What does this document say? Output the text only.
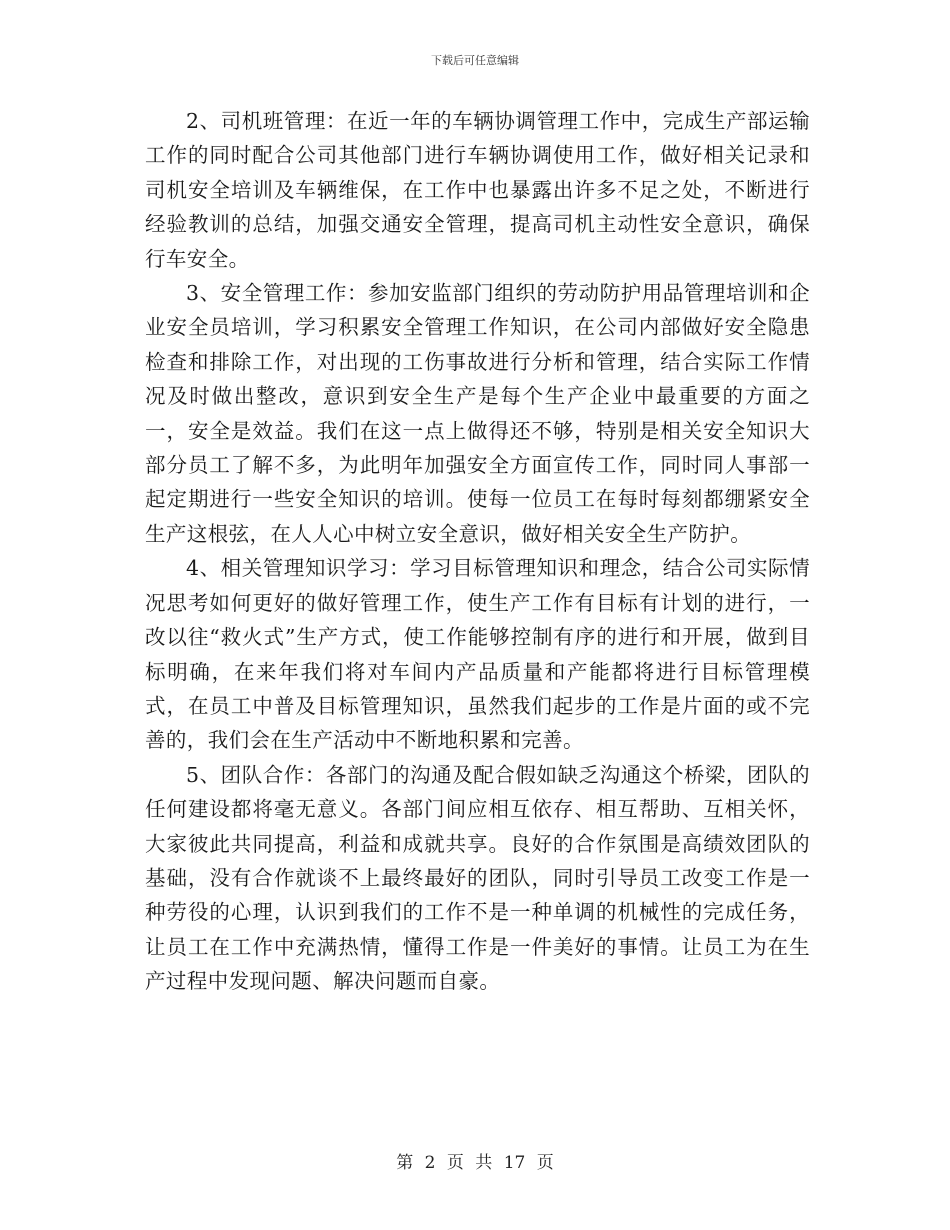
下载后可任意编辑

2、司机班管理：在近一年的车辆协调管理工作中，完成生产部运输工作的同时配合公司其他部门进行车辆协调使用工作，做好相关记录和司机安全培训及车辆维保，在工作中也暴露出许多不足之处，不断进行经验教训的总结，加强交通安全管理，提高司机主动性安全意识，确保行车安全。

3、安全管理工作：参加安监部门组织的劳动防护用品管理培训和企业安全员培训，学习积累安全管理工作知识，在公司内部做好安全隐患检查和排除工作，对出现的工伤事故进行分析和管理，结合实际工作情况及时做出整改，意识到安全生产是每个生产企业中最重要的方面之一，安全是效益。我们在这一点上做得还不够，特别是相关安全知识大部分员工了解不多，为此明年加强安全方面宣传工作，同时同人事部一起定期进行一些安全知识的培训。使每一位员工在每时每刻都绷紧安全生产这根弦，在人人心中树立安全意识，做好相关安全生产防护。

4、相关管理知识学习：学习目标管理知识和理念，结合公司实际情况思考如何更好的做好管理工作，使生产工作有目标有计划的进行，一改以往“救火式”生产方式，使工作能够控制有序的进行和开展，做到目标明确，在来年我们将对车间内产品质量和产能都将进行目标管理模式，在员工中普及目标管理知识，虽然我们起步的工作是片面的或不完善的，我们会在生产活动中不断地积累和完善。

5、团队合作：各部门的沟通及配合假如缺乏沟通这个桥梁，团队的任何建设都将毫无意义。各部门间应相互依存、相互帮助、互相关怀，大家彼此共同提高，利益和成就共享。良好的合作氛围是高绩效团队的基础，没有合作就谈不上最终最好的团队，同时引导员工改变工作是一种劳役的心理，认识到我们的工作不是一种单调的机械性的完成任务，让员工在工作中充满热情，懂得工作是一件美好的事情。让员工为在生产过程中发现问题、解决问题而自豪。

第 2 页 共 17 页
